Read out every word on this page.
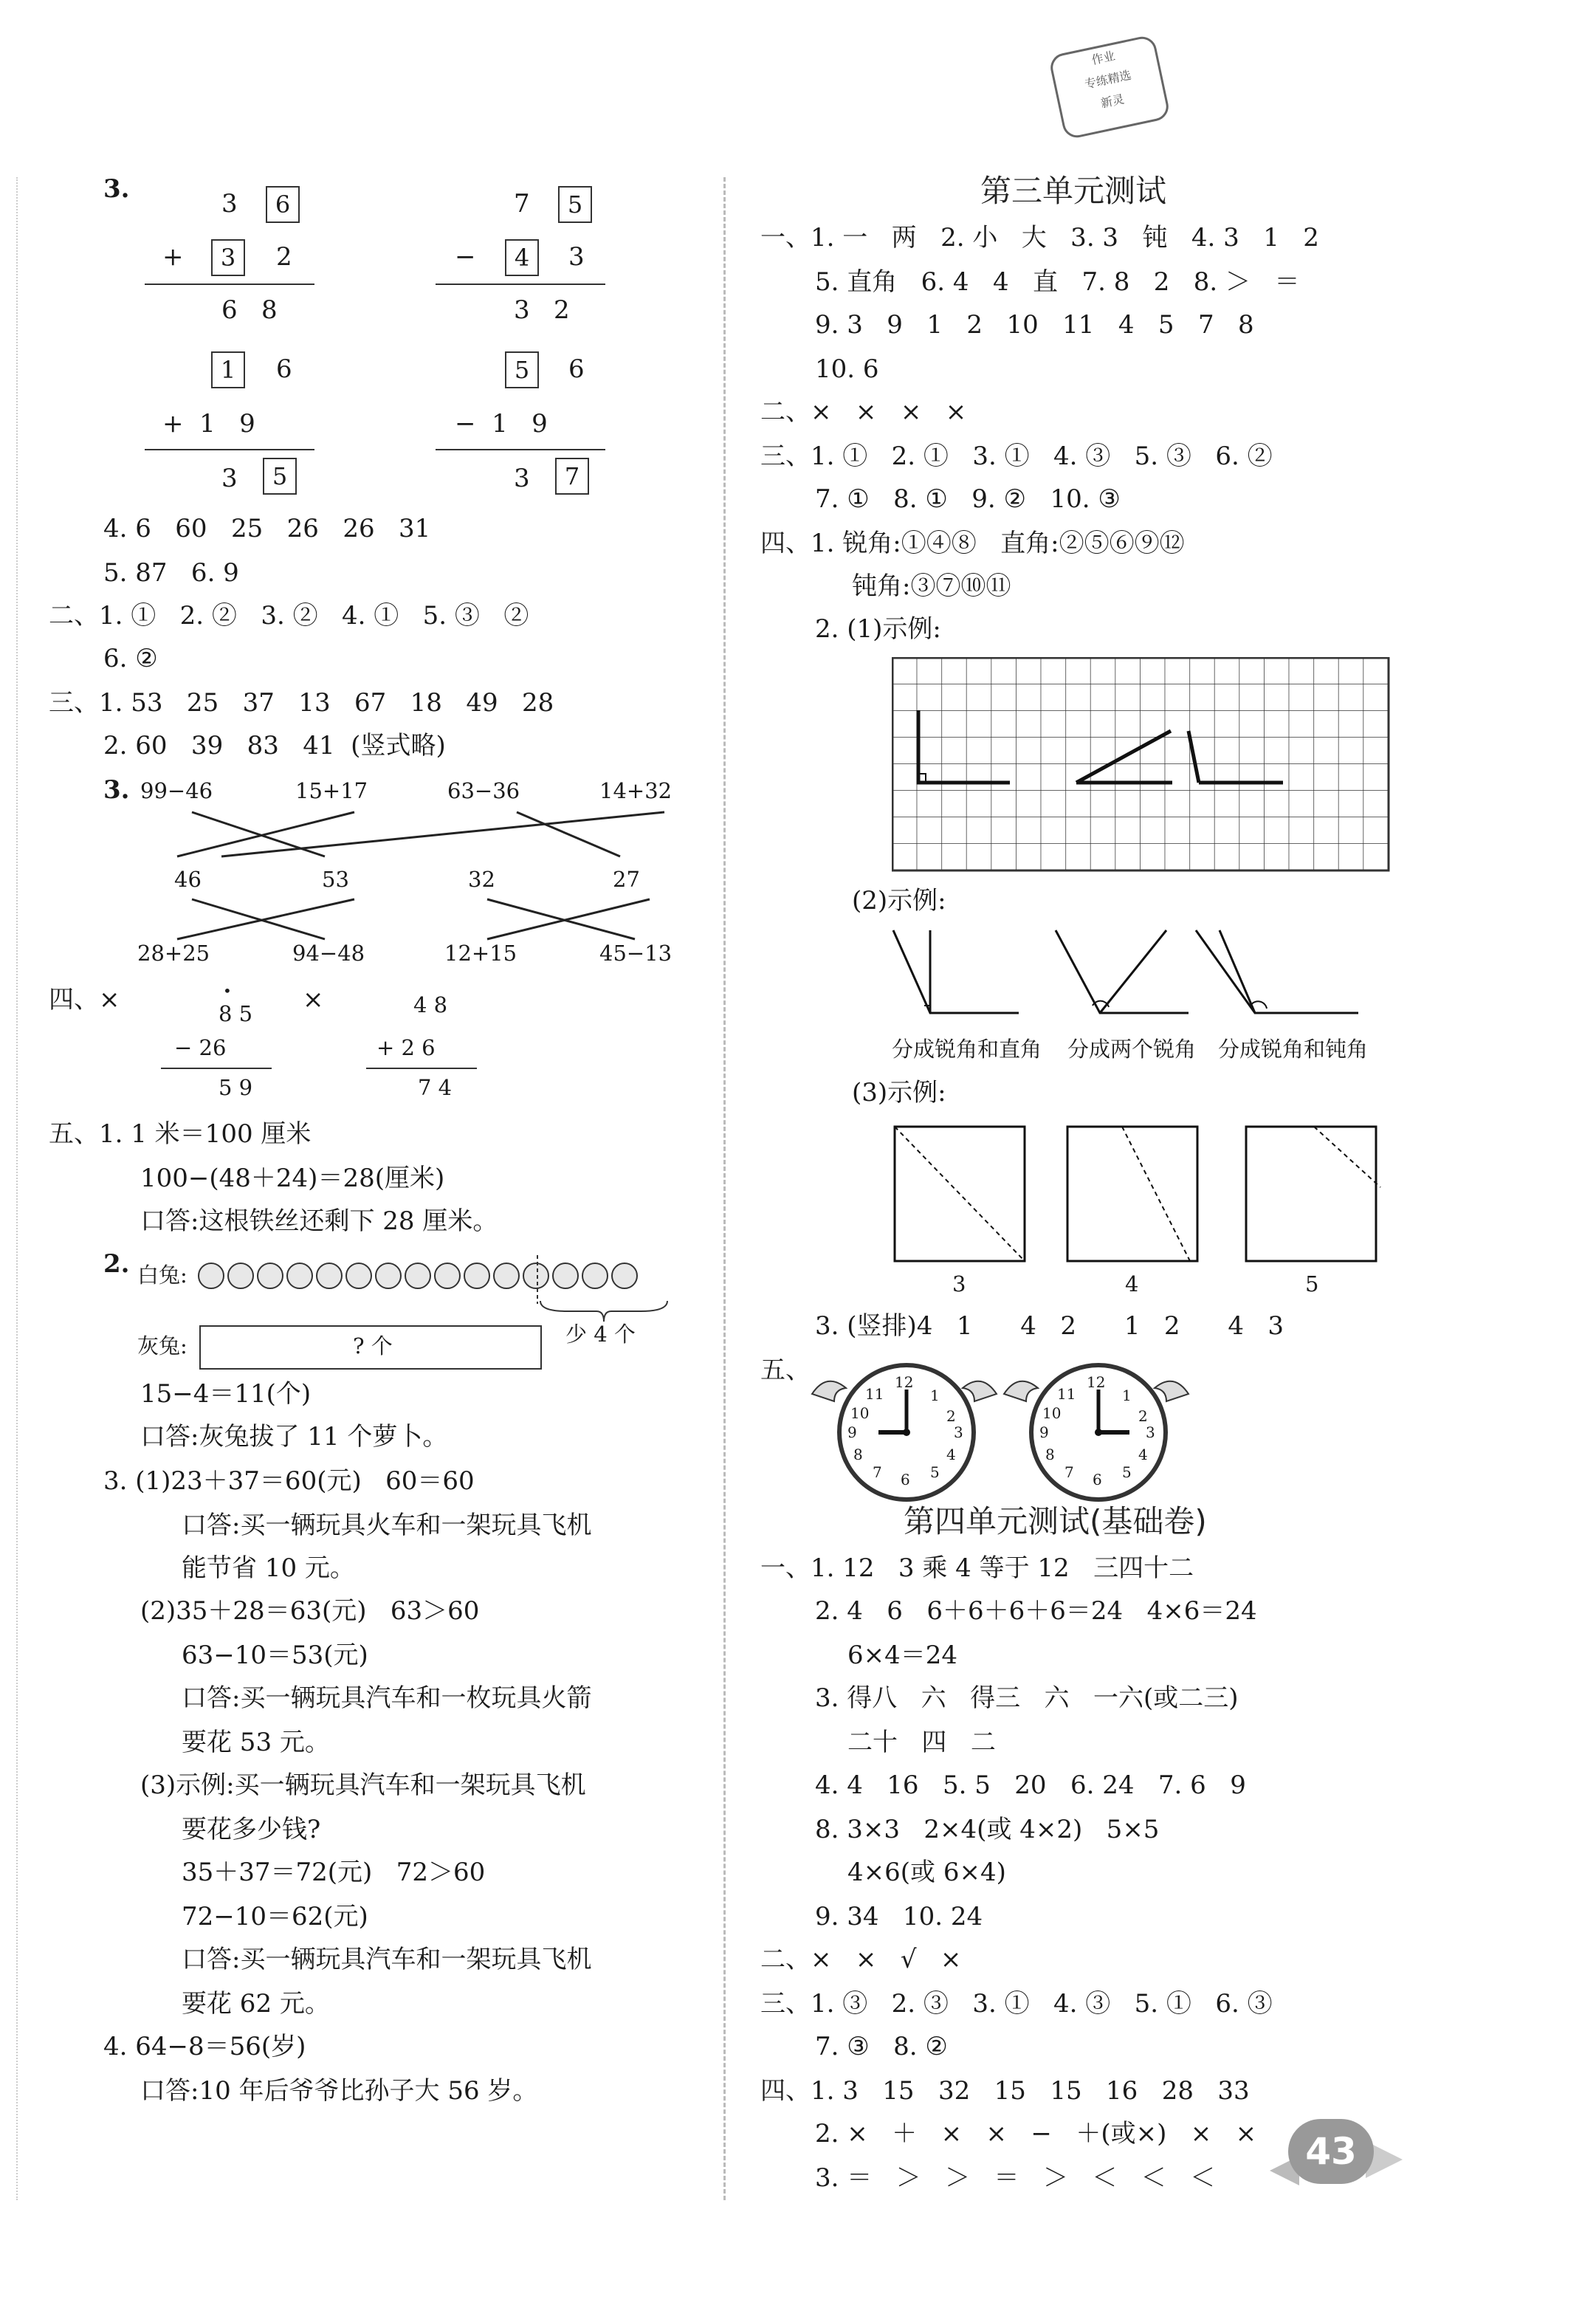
作业
专练精选
新灵
3.	3	6
+	3	2
6   8
7	5
−	4	3
3   2
1	6
+  1   9
3	5
5	6
−  1   9
3	7
4. 6   60   25   26   26   31
5. 87   6. 9
二、1. ①   2. ②   3. ②   4. ①   5. ③   ②
6. ②
三、1. 53   25   37   13   67   18   49   28
2. 60   39   83   41  (竖式略)
3. 99−46	15+17	63−36	14+32
46	53	32	27
28+25	94−48	12+15	45−13
四、×	•
8 5
− 26
5 9
×	4 8
+ 2 6
7 4
五、1. 1 米＝100 厘米
100−(48＋24)＝28(厘米)
口答:这根铁丝还剩下 28 厘米。
2. 白兔:
灰兔:	? 个	少 4 个
15−4＝11(个)
口答:灰兔拔了 11 个萝卜。
3. (1)23＋37＝60(元)   60＝60
口答:买一辆玩具火车和一架玩具飞机
能节省 10 元。
(2)35＋28＝63(元)   63＞60
63−10＝53(元)
口答:买一辆玩具汽车和一枚玩具火箭
要花 53 元。
(3)示例:买一辆玩具汽车和一架玩具飞机
要花多少钱?
35＋37＝72(元)   72＞60
72−10＝62(元)
口答:买一辆玩具汽车和一架玩具飞机
要花 62 元。
4. 64−8＝56(岁)
口答:10 年后爷爷比孙子大 56 岁。
第三单元测试
一、1. 一   两   2. 小   大   3. 3   钝   4. 3   1   2
5. 直角   6. 4   4   直   7. 8   2   8. ＞   ＝
9. 3   9   1   2   10   11   4   5   7   8
10. 6
二、×   ×   ×   ×
三、1. ①   2. ①   3. ①   4. ③   5. ③   6. ②
7. ①   8. ①   9. ②   10. ③
四、1. 锐角:①④⑧   直角:②⑤⑥⑨⑫
钝角:③⑦⑩⑪
2. (1)示例:
(2)示例:
分成锐角和直角 分成两个锐角 分成锐角和钝角
(3)示例:
3	4	5
3. (竖排)4   1      4   2      1   2      4   3
五、	12
1
2
3
4
5
6
7
8
9
10
11
12
1
2
3
4
5
6
7
8
9
10
11
第四单元测试(基础卷)
一、1. 12   3 乘 4 等于 12   三四十二
2. 4   6   6＋6＋6＋6＝24   4×6＝24
6×4＝24
3. 得八   六   得三   六   一六(或二三)
二十   四   二
4. 4   16   5. 5   20   6. 24   7. 6   9
8. 3×3   2×4(或 4×2)   5×5
4×6(或 6×4)
9. 34   10. 24
二、×   ×   √   ×
三、1. ③   2. ③   3. ①   4. ③   5. ①   6. ③
7. ③   8. ②
四、1. 3   15   32   15   15   16   28   33
2. ×   ＋   ×   ×   −   ＋(或×)   ×   ×
3. ＝   ＞   ＞   ＝   ＞   ＜   ＜   ＜
43
